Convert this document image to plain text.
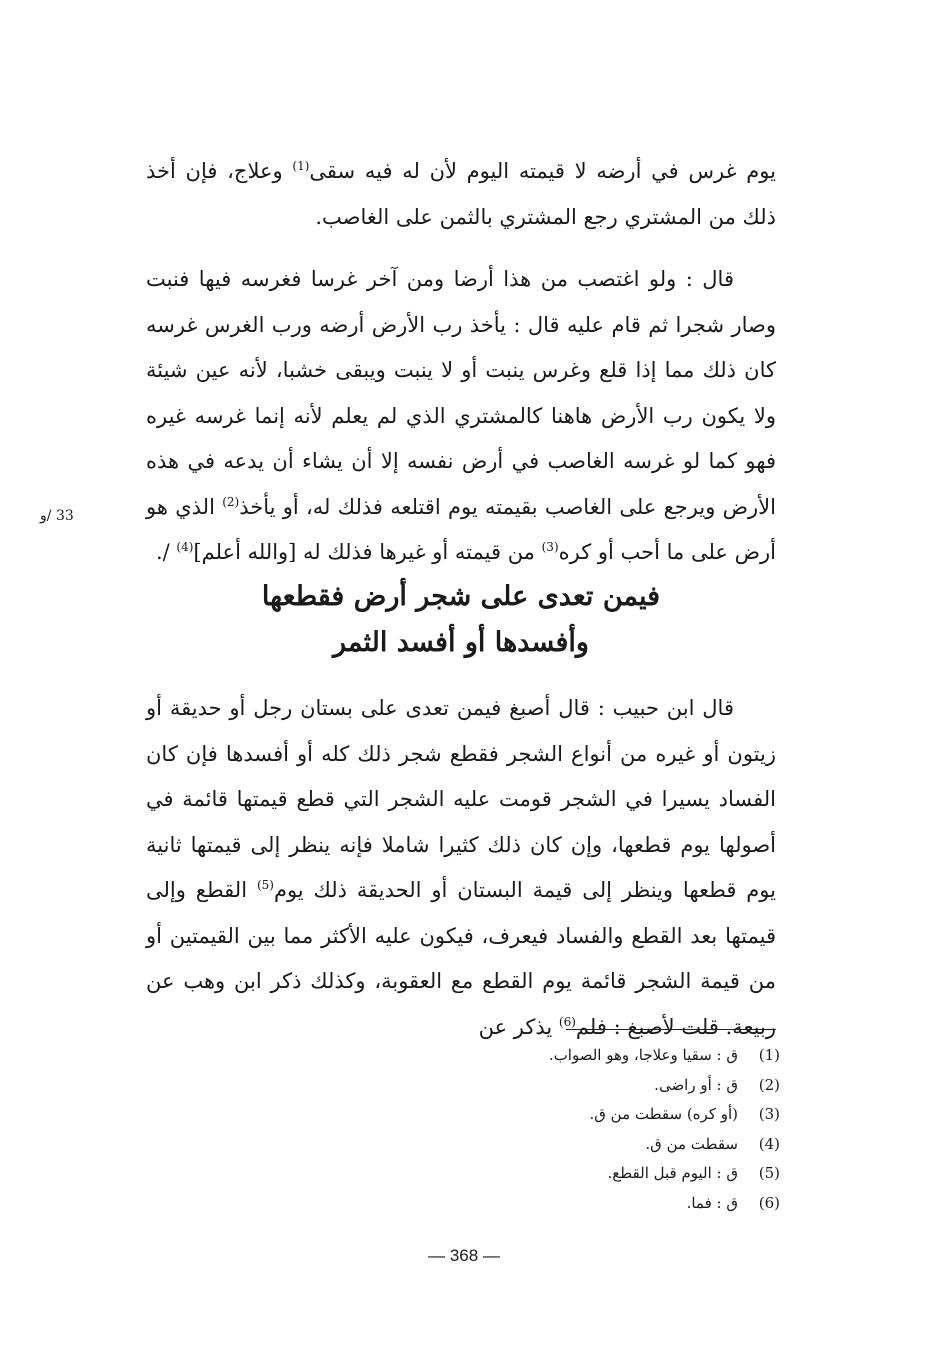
يوم غرس في أرضه لا قيمته اليوم لأن له فيه سقى$^{(1)}$ وعلاج، فإن أخذ ذلك من المشتري رجع المشتري بالثمن على الغاصب.

قال : ولو اغتصب من هذا أرضا ومن آخر غرسا فغرسه فيها فنبت وصار شجرا ثم قام عليه قال : يأخذ رب الأرض أرضه ورب الغرس غرسه كان ذلك مما إذا قلع وغرس ينبت أو لا ينبت ويبقى خشبا، لأنه عين شيئة ولا يكون رب الأرض هاهنا كالمشتري الذي لم يعلم لأنه إنما غرسه غيره فهو كما لو غرسه الغاصب في أرض نفسه إلا أن يشاء أن يدعه في هذه الأرض ويرجع على الغاصب بقيمته يوم اقتلعه فذلك له، أو يأخذ$^{(2)}$ الذي هو أرض على ما أحب أو كره$^{(3)}$ من قيمته أو غيرها فذلك له [والله أعلم]$^{(4)}$ /.

33 /و
فيمن تعدى على شجر أرض فقطعها
وأفسدها أو أفسد الثمر

قال ابن حبيب : قال أصبغ فيمن تعدى على بستان رجل أو حديقة أو زيتون أو غيره من أنواع الشجر فقطع شجر ذلك كله أو أفسدها فإن كان الفساد يسيرا في الشجر قومت عليه الشجر التي قطع قيمتها قائمة في أصولها يوم قطعها، وإن كان ذلك كثيرا شاملا فإنه ينظر إلى قيمتها ثانية يوم قطعها وينظر إلى قيمة البستان أو الحديقة ذلك يوم$^{(5)}$ القطع وإلى قيمتها بعد القطع والفساد فيعرف، فيكون عليه الأكثر مما بين القيمتين أو من قيمة الشجر قائمة يوم القطع مع العقوبة، وكذلك ذكر ابن وهب عن ربيعة. قلت لأصبغ : فلم$^{(6)}$ يذكر عن

(1)
ق : سقيا وعلاجا، وهو الصواب.
(2)
ق : أو راضى.
(3)
(أو كره) سقطت من ق.
(4)
سقطت من ق.
(5)
ق : اليوم قبل القطع.
(6)
ق : فما.
— 368 —
